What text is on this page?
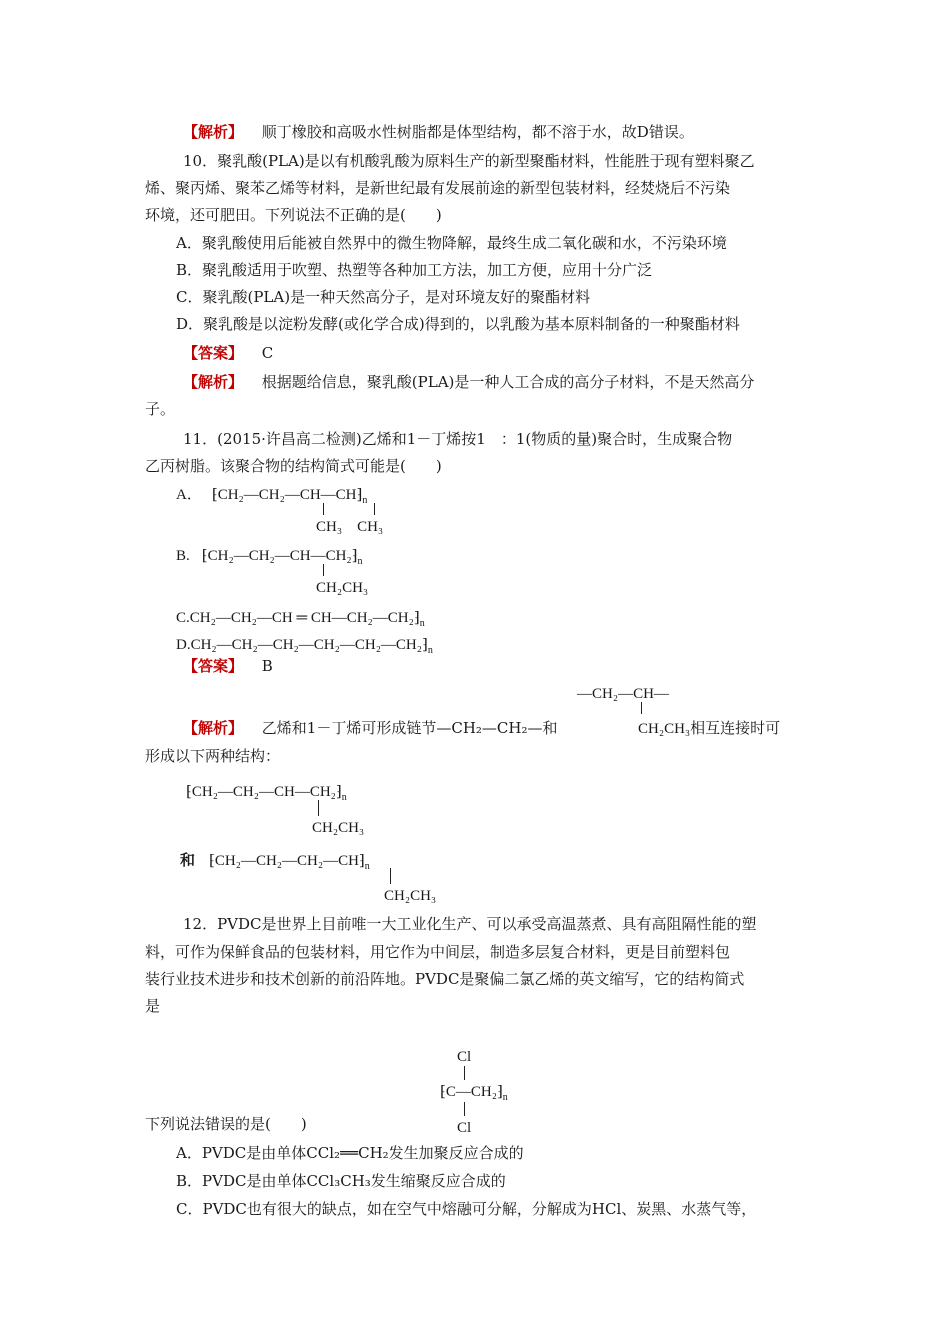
【解析】 顺丁橡胶和高吸水性树脂都是体型结构，都不溶于水，故D错误。
10．聚乳酸(PLA)是以有机酸乳酸为原料生产的新型聚酯材料，性能胜于现有塑料聚乙
烯、聚丙烯、聚苯乙烯等材料，是新世纪最有发展前途的新型包装材料，经焚烧后不污染
环境，还可肥田。下列说法不正确的是(　　)
A．聚乳酸使用后能被自然界中的微生物降解，最终生成二氧化碳和水，不污染环境
B．聚乳酸适用于吹塑、热塑等各种加工方法，加工方便，应用十分广泛
C．聚乳酸(PLA)是一种天然高分子，是对环境友好的聚酯材料
D．聚乳酸是以淀粉发酵(或化学合成)得到的，以乳酸为基本原料制备的一种聚酯材料
【答案】 C
【解析】 根据题给信息，聚乳酸(PLA)是一种人工合成的高分子材料，不是天然高分
子。
11．(2015·许昌高二检测)乙烯和1－丁烯按1　：1(物质的量)聚合时，生成聚合物
乙丙树脂。该聚合物的结构简式可能是(　　)
A． $⁅CH_2—CH_2—CH—CH⁆_n$
CH₃　CH₃
B. $⁅CH_2—CH_2—CH—CH_2⁆_n$
CH₂CH₃
C.CH₂—CH₂—CH ═ $CH—CH_2—CH_2⁆_n$
$D.CH_2—CH_2—CH_2—CH_2—CH_2—CH_2⁆_n$
【答案】 B
—CH₂—CH—
【解析】 乙烯和1－丁烯可形成链节—CH₂—CH₂—和	CH₂CH₃相互连接时可
形成以下两种结构：
$⁅CH_2—CH_2—CH—CH_2⁆_n$
CH₂CH₃
和 $⁅CH_2—CH_2—CH_2—CH⁆_n$
CH₂CH₃
12．PVDC是世界上目前唯一大工业化生产、可以承受高温蒸煮、具有高阻隔性能的塑
料，可作为保鲜食品的包装材料，用它作为中间层，制造多层复合材料，更是目前塑料包
装行业技术进步和技术创新的前沿阵地。PVDC是聚偏二氯乙烯的英文缩写，它的结构简式
是
Cl
$⁅C—CH_2⁆_n$
Cl
下列说法错误的是(　　)
A．PVDC是由单体CCl₂══CH₂发生加聚反应合成的
B．PVDC是由单体CCl₃CH₃发生缩聚反应合成的
C．PVDC也有很大的缺点，如在空气中熔融可分解，分解成为HCl、炭黑、水蒸气等，
